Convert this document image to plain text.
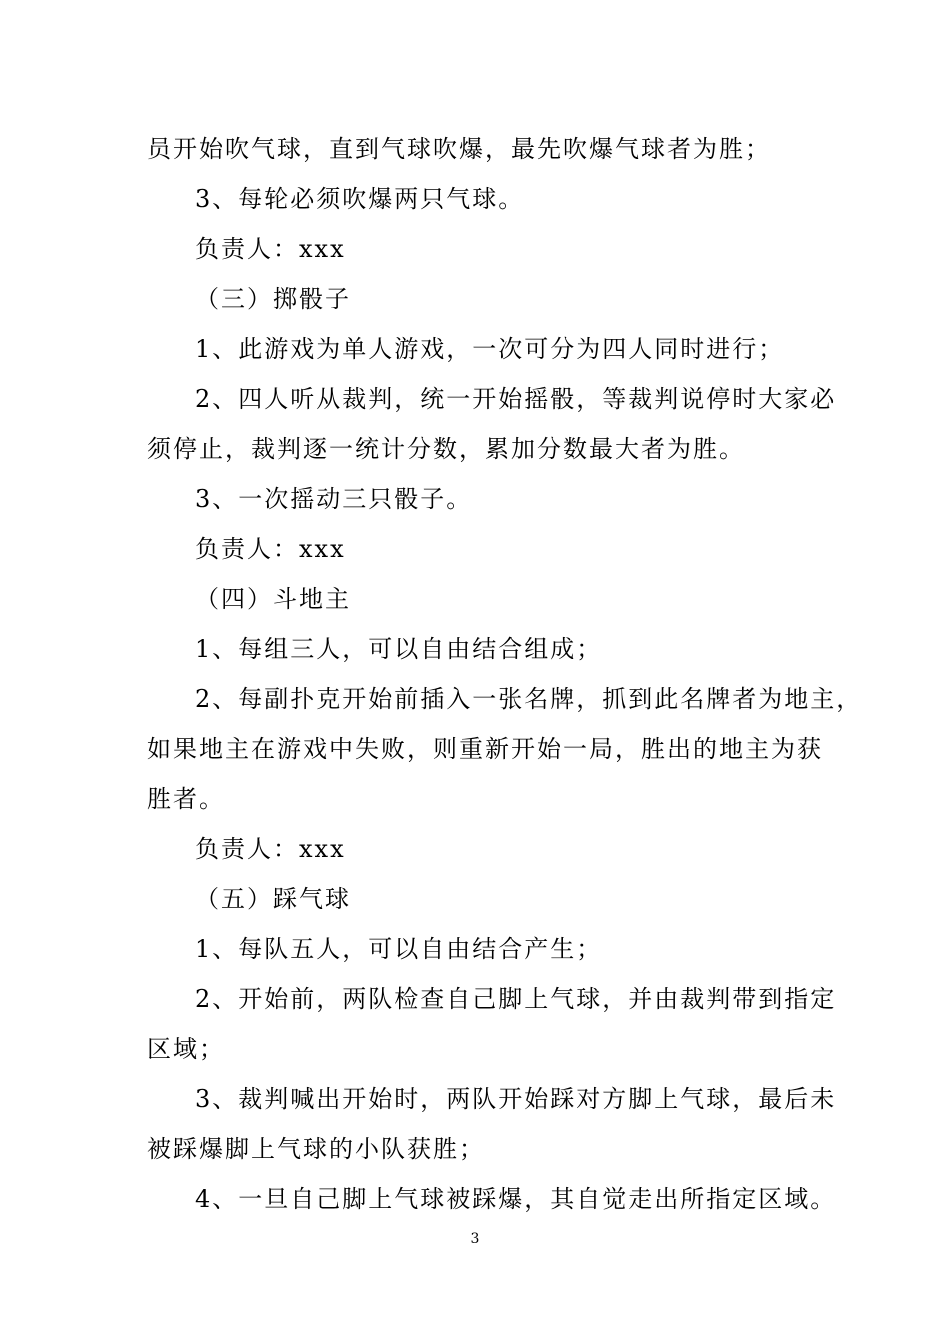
员开始吹气球，直到气球吹爆，最先吹爆气球者为胜；
3、每轮必须吹爆两只气球。
负责人：xxx
（三）掷骰子
1、此游戏为单人游戏，一次可分为四人同时进行；
2、四人听从裁判，统一开始摇骰，等裁判说停时大家必
须停止，裁判逐一统计分数，累加分数最大者为胜。
3、一次摇动三只骰子。
负责人：xxx
（四）斗地主
1、每组三人，可以自由结合组成；
2、每副扑克开始前插入一张名牌，抓到此名牌者为地主，
如果地主在游戏中失败，则重新开始一局，胜出的地主为获
胜者。
负责人：xxx
（五）踩气球
1、每队五人，可以自由结合产生；
2、开始前，两队检查自己脚上气球，并由裁判带到指定
区域；
3、裁判喊出开始时，两队开始踩对方脚上气球，最后未
被踩爆脚上气球的小队获胜；
4、一旦自己脚上气球被踩爆，其自觉走出所指定区域。
3
